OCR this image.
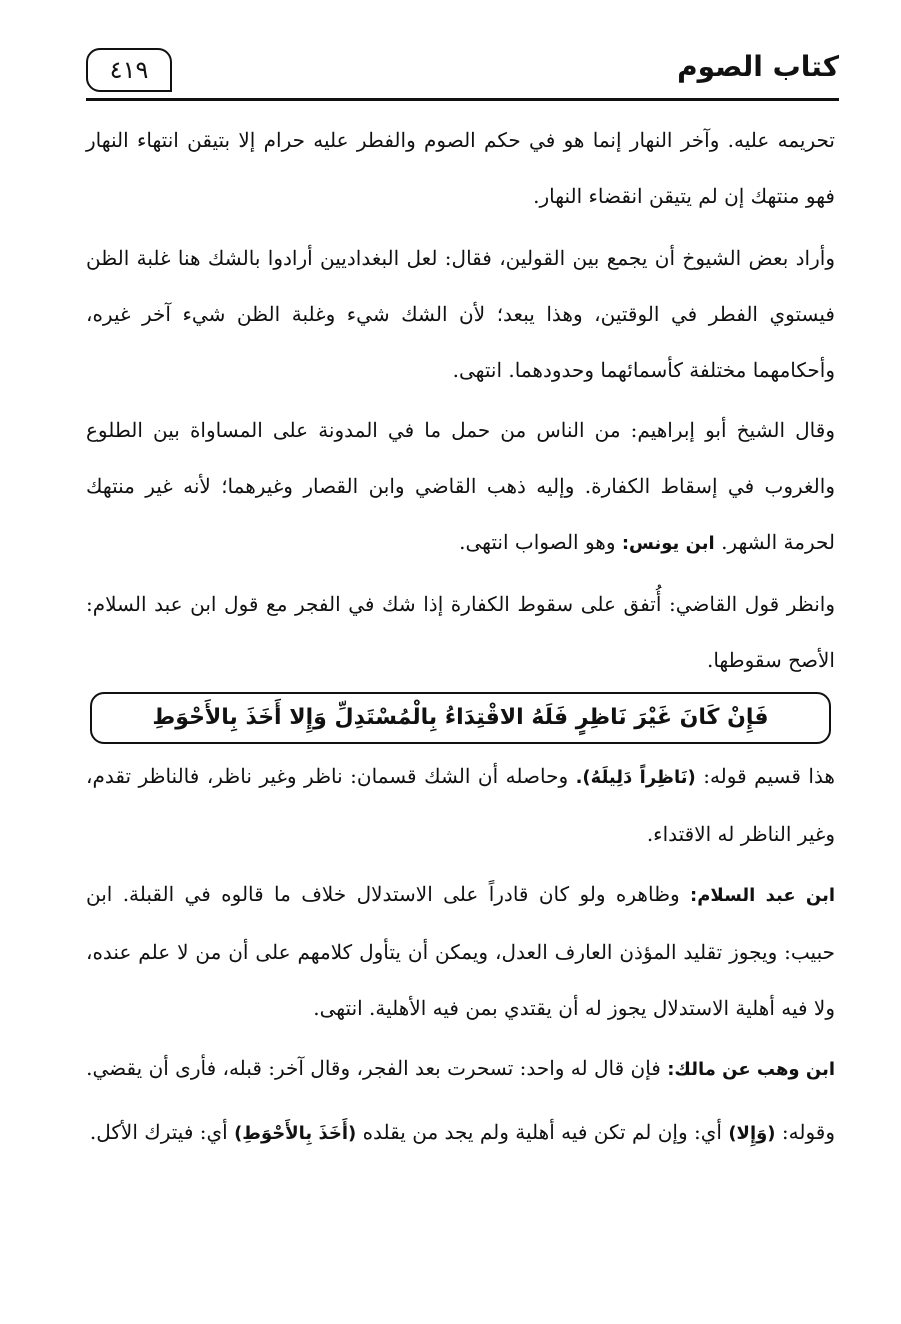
كتاب الصوم
٤١٩

تحريمه عليه. وآخر النهار إنما هو في حكم الصوم والفطر عليه حرام إلا بتيقن انتهاء النهار فهو منتهك إن لم يتيقن انقضاء النهار.

وأراد بعض الشيوخ أن يجمع بين القولين، فقال: لعل البغداديين أرادوا بالشك هنا غلبة الظن فيستوي الفطر في الوقتين، وهذا يبعد؛ لأن الشك شيء وغلبة الظن شيء آخر غيره، وأحكامهما مختلفة كأسمائهما وحدودهما. انتهى.

وقال الشيخ أبو إبراهيم: من الناس من حمل ما في المدونة على المساواة بين الطلوع والغروب في إسقاط الكفارة. وإليه ذهب القاضي وابن القصار وغيرهما؛ لأنه غير منتهك لحرمة الشهر. ابن يونس: وهو الصواب انتهى.

وانظر قول القاضي: أُتفق على سقوط الكفارة إذا شك في الفجر مع قول ابن عبد السلام: الأصح سقوطها.

فَإِنْ كَانَ غَيْرَ نَاظِرٍ فَلَهُ الاقْتِدَاءُ بِالْمُسْتَدِلِّ وَإِلا أَخَذَ بِالأَحْوَطِ

هذا قسيم قوله: (نَاظِراً دَلِيلَهُ). وحاصله أن الشك قسمان: ناظر وغير ناظر، فالناظر تقدم، وغير الناظر له الاقتداء.

ابن عبد السلام: وظاهره ولو كان قادراً على الاستدلال خلاف ما قالوه في القبلة. ابن حبيب: ويجوز تقليد المؤذن العارف العدل، ويمكن أن يتأول كلامهم على أن من لا علم عنده، ولا فيه أهلية الاستدلال يجوز له أن يقتدي بمن فيه الأهلية. انتهى.

ابن وهب عن مالك: فإن قال له واحد: تسحرت بعد الفجر، وقال آخر: قبله، فأرى أن يقضي.

وقوله: (وَإِلا) أي: وإن لم تكن فيه أهلية ولم يجد من يقلده (أَخَذَ بِالأَحْوَطِ) أي: فيترك الأكل.
